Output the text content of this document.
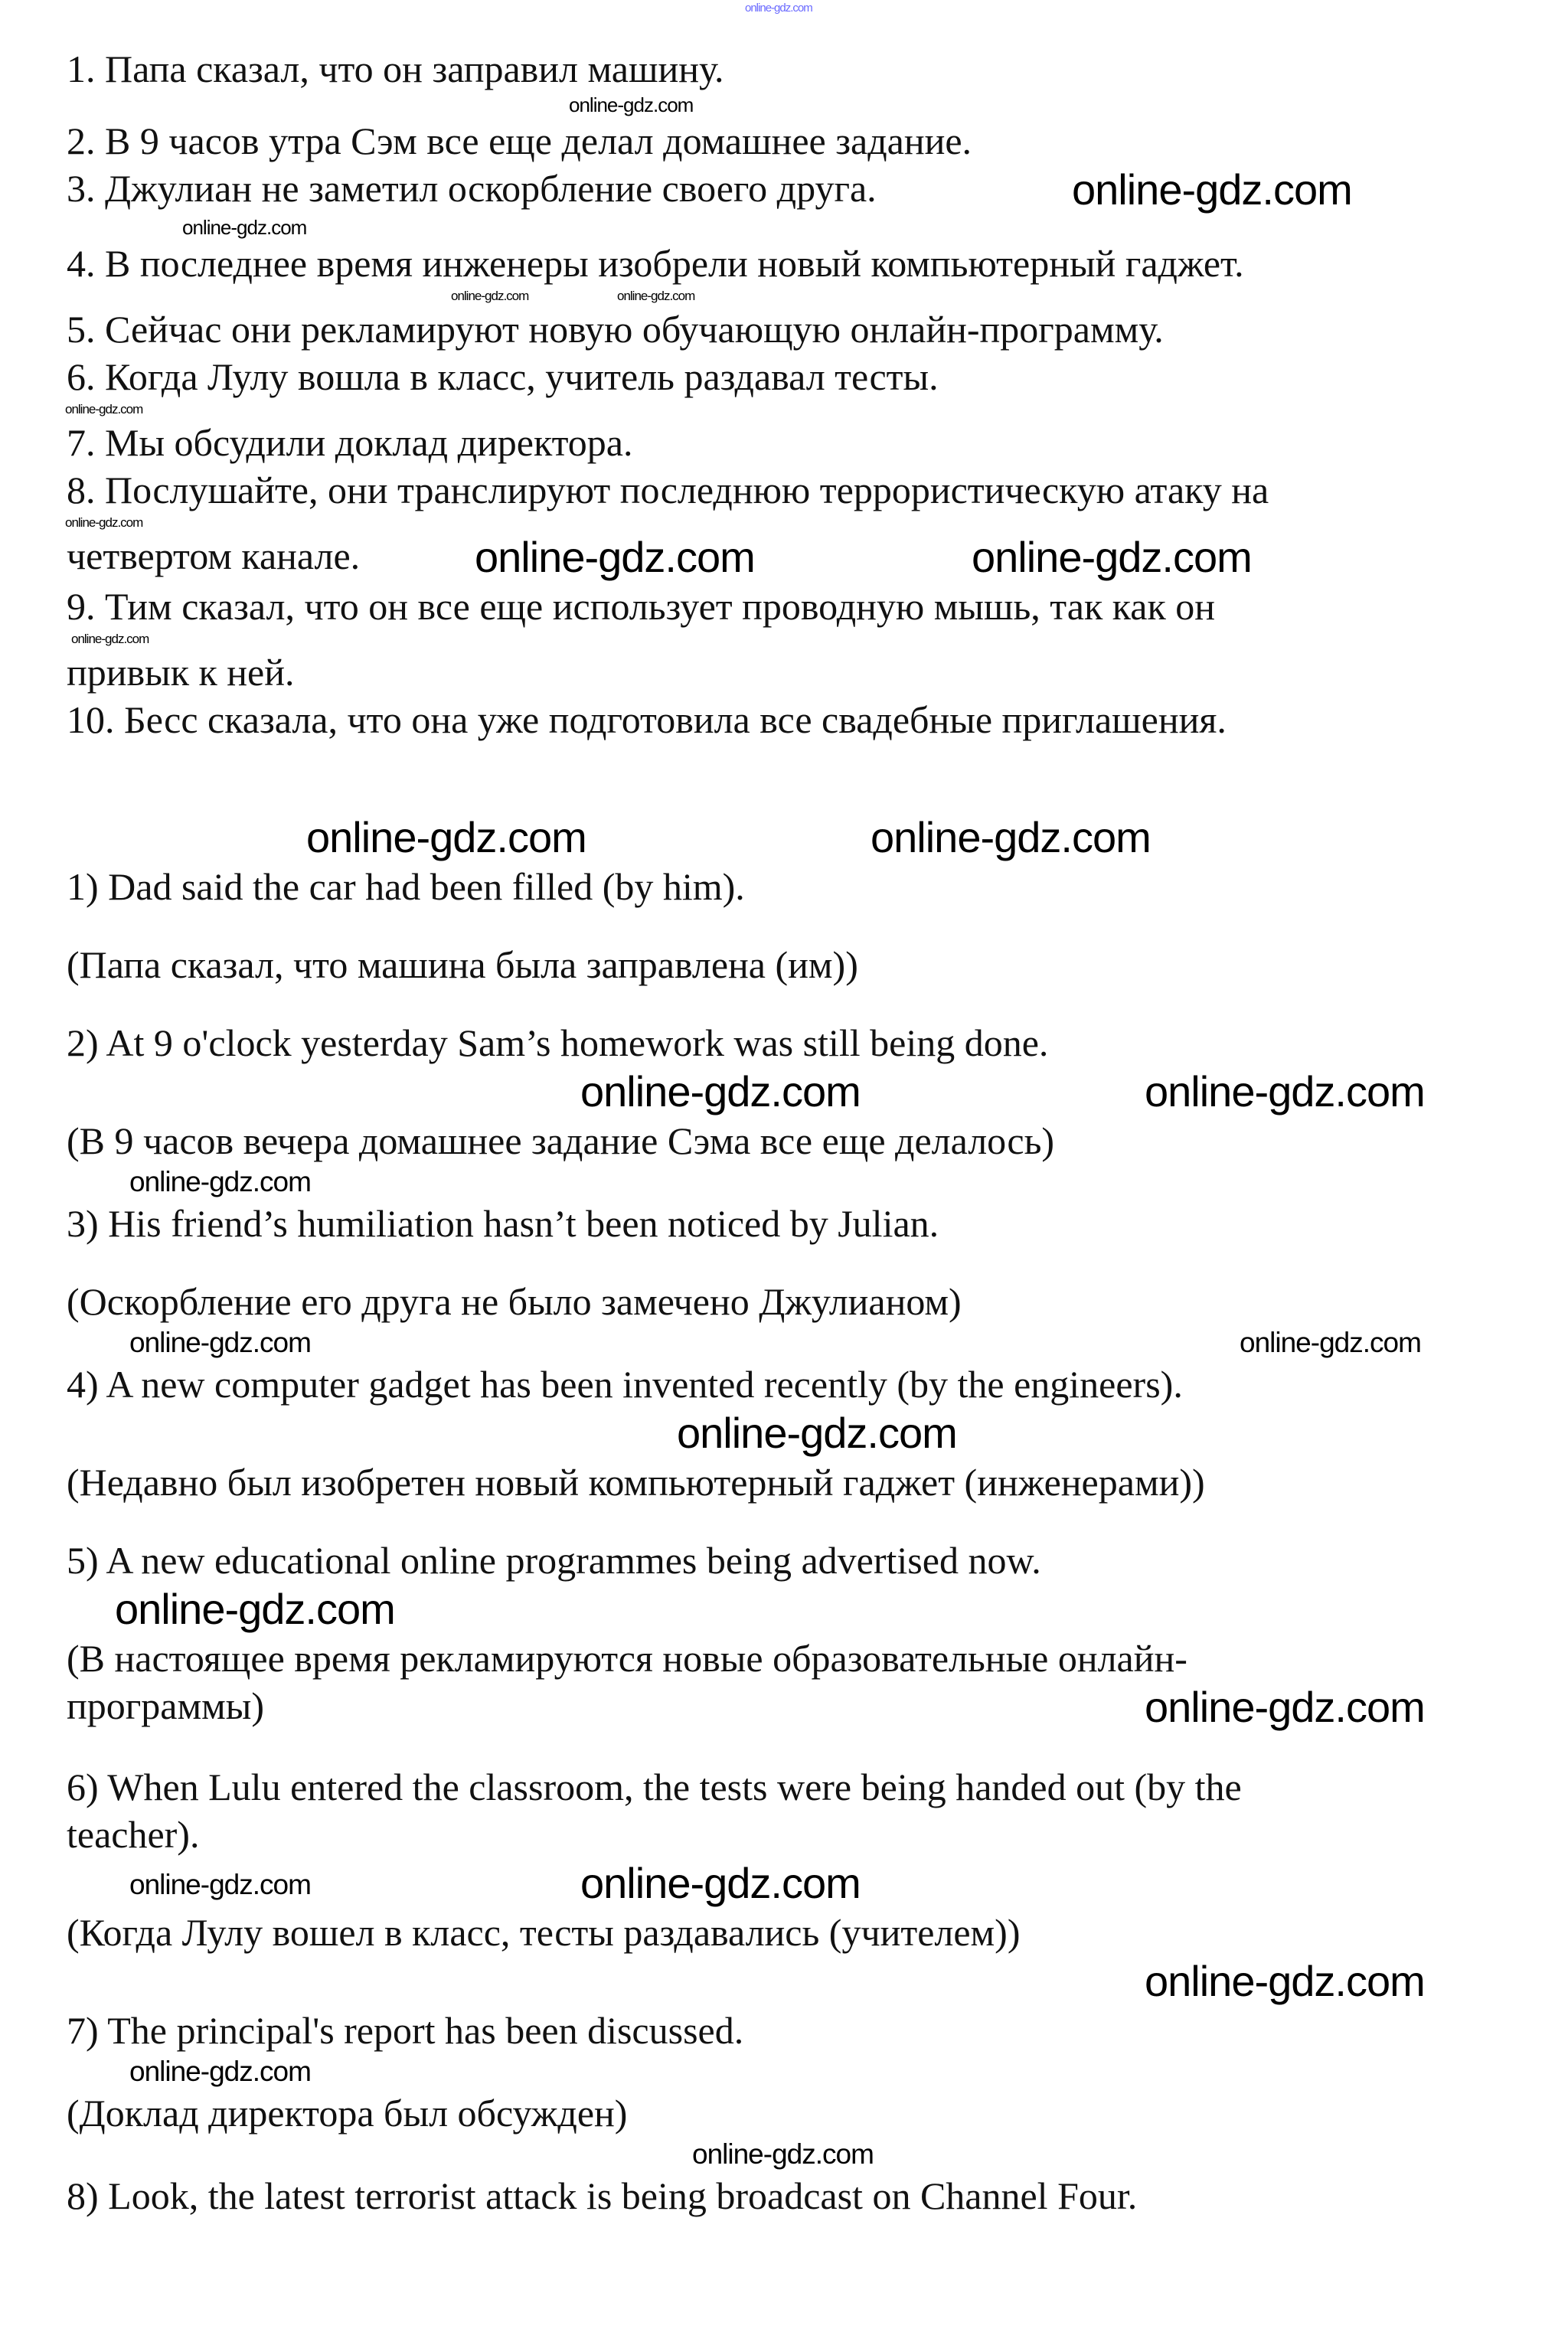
online-gdz.com
1. Папа сказал, что он заправил машину.
online-gdz.com
2. В 9 часов утра Сэм все еще делал домашнее задание.
3. Джулиан не заметил оскорбление своего друга.	online-gdz.com
online-gdz.com
4. В последнее время инженеры изобрели новый компьютерный гаджет.
online-gdz.com	online-gdz.com
5. Сейчас они рекламируют новую обучающую онлайн-программу.
6. Когда Лулу вошла в класс, учитель раздавал тесты.
online-gdz.com
7. Мы обсудили доклад директора.
8. Послушайте, они транслируют последнюю террористическую атаку на
online-gdz.com
четвертом канале.	online-gdz.com	online-gdz.com
9. Тим сказал, что он все еще использует проводную мышь, так как он
online-gdz.com
привык к ней.
10. Бесс сказала, что она уже подготовила все свадебные приглашения.
online-gdz.com	online-gdz.com
1) Dad said the car had been filled (by him).
(Папа сказал, что машина была заправлена (им))
2) At 9 o'clock yesterday Sam’s homework was still being done.
online-gdz.com	online-gdz.com
(В 9 часов вечера домашнее задание Сэма все еще делалось)
online-gdz.com
3) His friend’s humiliation hasn’t been noticed by Julian.
(Оскорбление его друга не было замечено Джулианом)
online-gdz.com	online-gdz.com
4) A new computer gadget has been invented recently (by the engineers).
online-gdz.com
(Недавно был изобретен новый компьютерный гаджет (инженерами))
5) A new educational online programmes being advertised now.
online-gdz.com
(В настоящее время рекламируются новые образовательные онлайн-
программы)	online-gdz.com
6) When Lulu entered the classroom, the tests were being handed out (by the
teacher).
online-gdz.com	online-gdz.com
(Когда Лулу вошел в класс, тесты раздавались (учителем))
online-gdz.com
7) The principal's report has been discussed.
online-gdz.com
(Доклад директора был обсужден)
online-gdz.com
8) Look, the latest terrorist attack is being broadcast on Channel Four.
